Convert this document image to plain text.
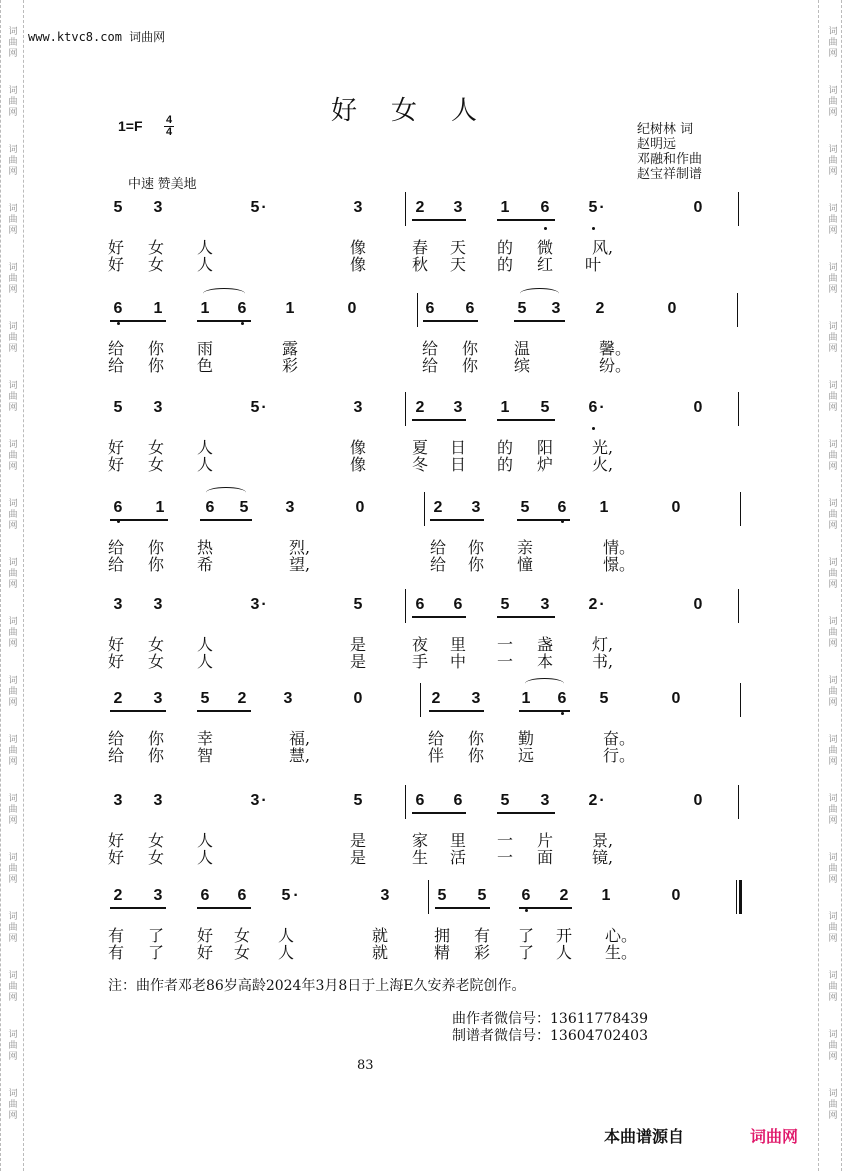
词曲网
词曲网
词曲网
词曲网
词曲网
词曲网
词曲网
词曲网
词曲网
词曲网
词曲网
词曲网
词曲网
词曲网
词曲网
词曲网
词曲网
词曲网
词曲网
词曲网
词曲网
词曲网
词曲网
词曲网
词曲网
词曲网
词曲网
词曲网
词曲网
词曲网
词曲网
词曲网
词曲网
词曲网
词曲网
词曲网
词曲网
词曲网
www.ktvc8.com 词曲网
好女人
1=F 4
4	纪树林 词
赵明远
邓融和作曲
赵宝祥制谱
中速 赞美地
5 3	5 ·	3	2 3 1 6 5 ·	0
好 女 人	像	春 天 的 微 风,
好 女 人	像	秋 天 的 红 叶
6 1 1 6 1	0	6 6	5 3 2	0
给 你 雨	露	给 你 温	馨。
给 你 色	彩	给 你 缤	纷。
5 3	5 ·	3	2 3 1 5 6 ·	0
好 女 人	像	夏 日 的 阳 光,
好 女 人	像	冬 日 的 炉 火,
6 1	6 5 3	0	2 3	5 6 1	0
给 你 热	烈,	给 你 亲	情。
给 你 希	望,	给 你 憧	憬。
3 3	3 ·	5	6 6 5 3 2 ·	0
好 女 人	是	夜 里 一 盏 灯,
好 女 人	是	手 中 一 本 书,
2 3 5 2 3	0	2 3	1 6 5	0
给 你 幸	福,	给 你 勤	奋。
给 你 智	慧,	伴 你 远	行。
3 3	3 ·	5	6 6 5 3 2 ·	0
好 女 人	是	家 里 一 片 景,
好 女 人	是	生 活 一 面 镜,
2 3 6 6 5 ·	3	5 5 6 2 1	0
有 了 好 女 人	就	拥 有 了 开 心。
有 了 好 女 人	就	精 彩 了 人 生。
注：曲作者邓老86岁高龄2024年3月8日于上海E久安养老院创作。
曲作者微信号：13611778439
制谱者微信号：13604702403
83
本曲谱源自	词曲网
